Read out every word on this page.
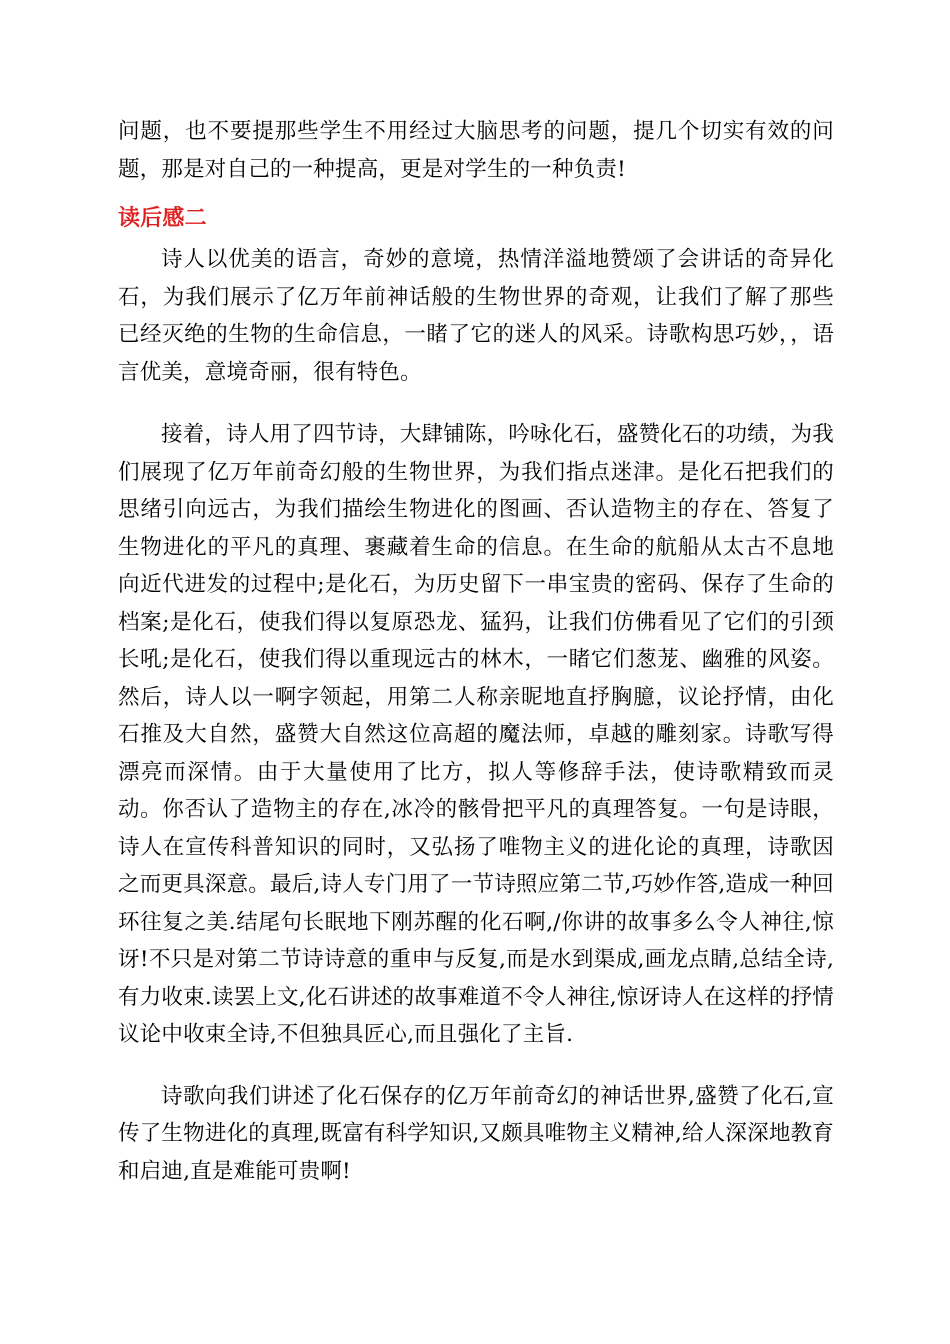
问题，也不要提那些学生不用经过大脑思考的问题，提几个切实有效的问题，那是对自己的一种提高，更是对学生的一种负责!

读后感二

诗人以优美的语言，奇妙的意境，热情洋溢地赞颂了会讲话的奇异化石，为我们展示了亿万年前神话般的生物世界的奇观，让我们了解了那些已经灭绝的生物的生命信息，一睹了它的迷人的风采。诗歌构思巧妙，，语言优美，意境奇丽，很有特色。

接着，诗人用了四节诗，大肆铺陈，吟咏化石，盛赞化石的功绩，为我们展现了亿万年前奇幻般的生物世界，为我们指点迷津。是化石把我们的思绪引向远古，为我们描绘生物进化的图画、否认造物主的存在、答复了生物进化的平凡的真理、裹藏着生命的信息。在生命的航船从太古不息地向近代进发的过程中;是化石，为历史留下一串宝贵的密码、保存了生命的档案;是化石，使我们得以复原恐龙、猛犸，让我们仿佛看见了它们的引颈长吼;是化石，使我们得以重现远古的林木，一睹它们葱茏、幽雅的风姿。然后，诗人以一啊字领起，用第二人称亲昵地直抒胸臆，议论抒情，由化石推及大自然，盛赞大自然这位高超的魔法师，卓越的雕刻家。诗歌写得漂亮而深情。由于大量使用了比方，拟人等修辞手法，使诗歌精致而灵动。你否认了造物主的存在,冰冷的骸骨把平凡的真理答复。一句是诗眼，诗人在宣传科普知识的同时，又弘扬了唯物主义的进化论的真理，诗歌因之而更具深意。最后,诗人专门用了一节诗照应第二节,巧妙作答,造成一种回环往复之美.结尾句长眠地下刚苏醒的化石啊,/你讲的故事多么令人神往,惊讶!不只是对第二节诗诗意的重申与反复,而是水到渠成,画龙点睛,总结全诗,有力收束.读罢上文,化石讲述的故事难道不令人神往,惊讶诗人在这样的抒情议论中收束全诗,不但独具匠心,而且强化了主旨.

诗歌向我们讲述了化石保存的亿万年前奇幻的神话世界,盛赞了化石,宣传了生物进化的真理,既富有科学知识,又颇具唯物主义精神,给人深深地教育和启迪,直是难能可贵啊!
